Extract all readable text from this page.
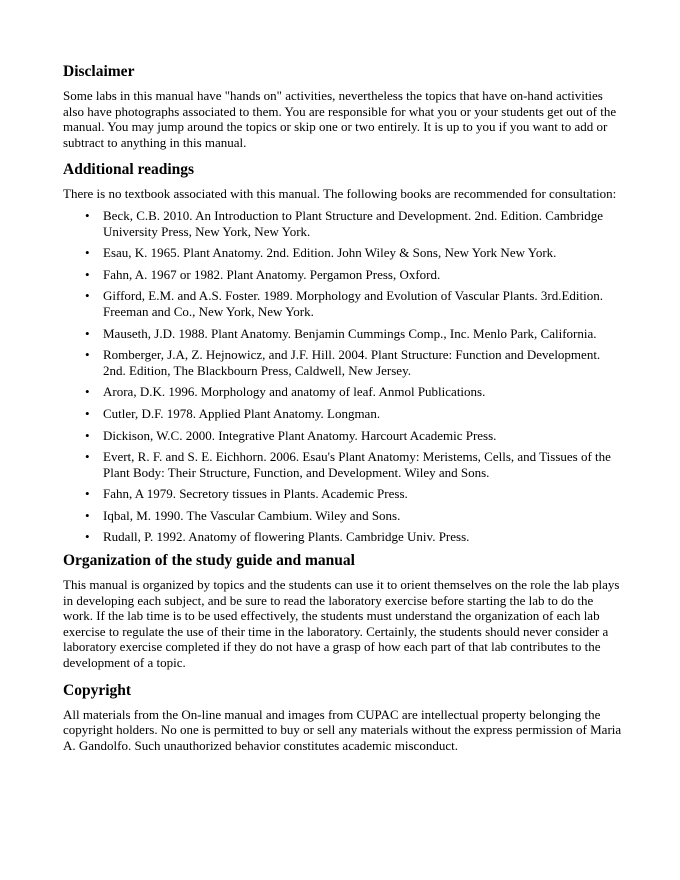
Disclaimer

Some labs in this manual have "hands on" activities, nevertheless the topics that have on-hand activities also have photographs associated to them. You are responsible for what you or your students get out of the manual. You may jump around the topics or skip one or two entirely. It is up to you if you want to add or subtract to anything in this manual.

Additional readings

There is no textbook associated with this manual. The following books are recommended for consultation:

• Beck, C.B. 2010. An Introduction to Plant Structure and Development. 2nd. Edition. Cambridge University Press, New York, New York.
• Esau, K. 1965. Plant Anatomy. 2nd. Edition. John Wiley & Sons, New York New York.
• Fahn, A. 1967 or 1982. Plant Anatomy. Pergamon Press, Oxford.
• Gifford, E.M. and A.S. Foster. 1989. Morphology and Evolution of Vascular Plants. 3rd.Edition. Freeman and Co., New York, New York.
• Mauseth, J.D. 1988. Plant Anatomy. Benjamin Cummings Comp., Inc. Menlo Park, California.
• Romberger, J.A, Z. Hejnowicz, and J.F. Hill. 2004. Plant Structure: Function and Development. 2nd. Edition, The Blackbourn Press, Caldwell, New Jersey.
• Arora, D.K. 1996. Morphology and anatomy of leaf. Anmol Publications.
• Cutler, D.F. 1978. Applied Plant Anatomy. Longman.
• Dickison, W.C. 2000. Integrative Plant Anatomy. Harcourt Academic Press.
• Evert, R. F. and S. E. Eichhorn. 2006. Esau's Plant Anatomy: Meristems, Cells, and Tissues of the Plant Body: Their Structure, Function, and Development. Wiley and Sons.
• Fahn, A 1979. Secretory tissues in Plants. Academic Press.
• Iqbal, M. 1990. The Vascular Cambium. Wiley and Sons.
• Rudall, P. 1992. Anatomy of flowering Plants. Cambridge Univ. Press.
Organization of the study guide and manual

This manual is organized by topics and the students can use it to orient themselves on the role the lab plays in developing each subject, and be sure to read the laboratory exercise before starting the lab to do the work. If the lab time is to be used effectively, the students must understand the organization of each lab exercise to regulate the use of their time in the laboratory. Certainly, the students should never consider a laboratory exercise completed if they do not have a grasp of how each part of that lab contributes to the development of a topic.

Copyright

All materials from the On-line manual and images from CUPAC are intellectual property belonging the copyright holders. No one is permitted to buy or sell any materials without the express permission of Maria A. Gandolfo. Such unauthorized behavior constitutes academic misconduct.
